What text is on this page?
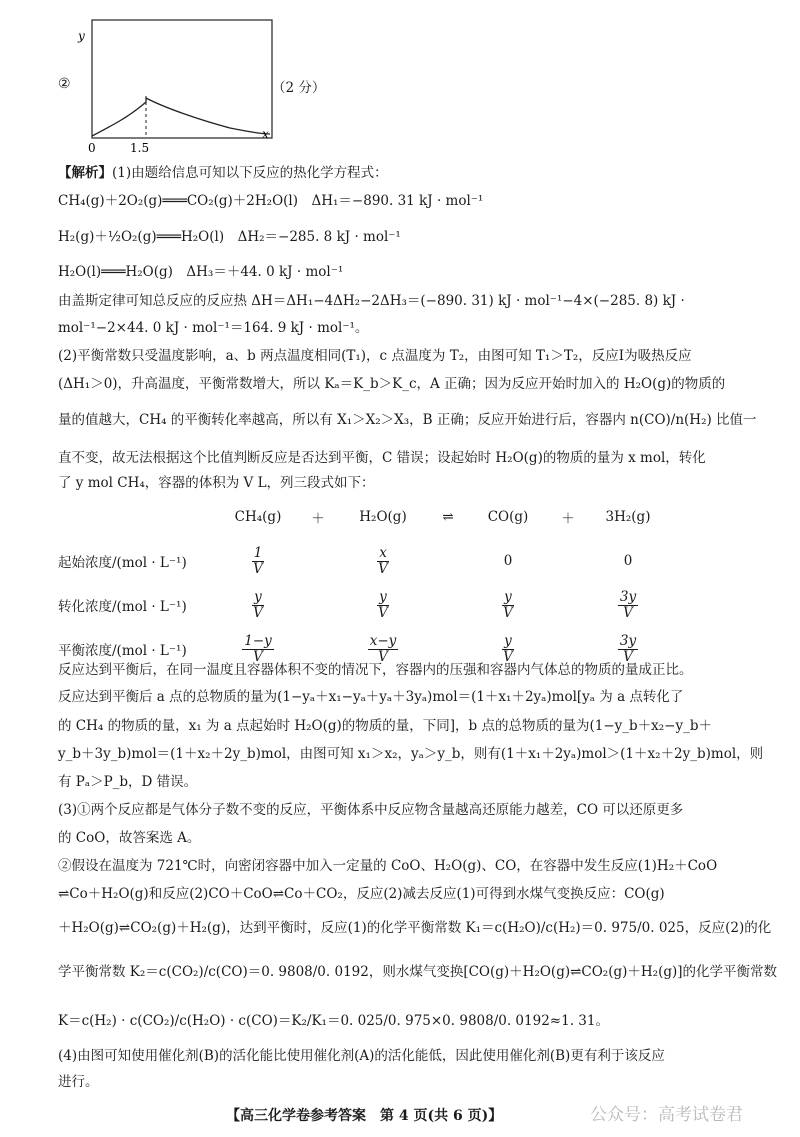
②
y
x
0	1.5
（2 分）
【解析】(1)由题给信息可知以下反应的热化学方程式：
CH₄(g)＋2O₂(g)═══CO₂(g)＋2H₂O(l)　ΔH₁＝−890. 31 kJ · mol⁻¹
H₂(g)＋½O₂(g)═══H₂O(l)　ΔH₂＝−285. 8 kJ · mol⁻¹
H₂O(l)═══H₂O(g)　ΔH₃＝＋44. 0 kJ · mol⁻¹
由盖斯定律可知总反应的反应热 ΔH＝ΔH₁−4ΔH₂−2ΔH₃＝(−890. 31) kJ · mol⁻¹−4×(−285. 8) kJ ·
mol⁻¹−2×44. 0 kJ · mol⁻¹＝164. 9 kJ · mol⁻¹。
(2)平衡常数只受温度影响，a、b 两点温度相同(T₁)，c 点温度为 T₂，由图可知 T₁＞T₂，反应Ⅰ为吸热反应
(ΔH₁＞0)，升高温度，平衡常数增大，所以 Kₐ＝K_b＞K_c，A 正确；因为反应开始时加入的 H₂O(g)的物质的
量的值越大，CH₄ 的平衡转化率越高，所以有 X₁＞X₂＞X₃，B 正确；反应开始进行后，容器内 n(CO)/n(H₂) 比值一
直不变，故无法根据这个比值判断反应是否达到平衡，C 错误；设起始时 H₂O(g)的物质的量为 x mol，转化
了 y mol CH₄，容器的体积为 V L，列三段式如下：
	CH₄(g)	＋	H₂O(g)	⇌	CO(g)	＋	3H₂(g)
起始浓度/(mol · L⁻¹)	$\frac{1}{V}$		$\frac{x}{V}$		0		0
转化浓度/(mol · L⁻¹)	$\frac{y}{V}$		$\frac{y}{V}$		$\frac{y}{V}$		$\frac{3y}{V}$

平衡浓度/(mol · L⁻¹)	$\frac{1-y}{V}$		$\frac{x-y}{V}$		$\frac{y}{V}$		$\frac{3y}{V}$
反应达到平衡后，在同一温度且容器体积不变的情况下，容器内的压强和容器内气体总的物质的量成正比。
反应达到平衡后 a 点的总物质的量为(1−yₐ＋x₁−yₐ＋yₐ＋3yₐ)mol＝(1＋x₁＋2yₐ)mol[yₐ 为 a 点转化了
的 CH₄ 的物质的量，x₁ 为 a 点起始时 H₂O(g)的物质的量，下同]，b 点的总物质的量为(1−y_b＋x₂−y_b＋
y_b＋3y_b)mol＝(1＋x₂＋2y_b)mol，由图可知 x₁＞x₂，yₐ＞y_b，则有(1＋x₁＋2yₐ)mol＞(1＋x₂＋2y_b)mol，则
有 Pₐ＞P_b，D 错误。
(3)①两个反应都是气体分子数不变的反应，平衡体系中反应物含量越高还原能力越差，CO 可以还原更多
的 CoO，故答案选 A。
②假设在温度为 721℃时，向密闭容器中加入一定量的 CoO、H₂O(g)、CO，在容器中发生反应(1)H₂＋CoO
⇌Co＋H₂O(g)和反应(2)CO＋CoO⇌Co＋CO₂，反应(2)减去反应(1)可得到水煤气变换反应：CO(g)
＋H₂O(g)⇌CO₂(g)＋H₂(g)，达到平衡时，反应(1)的化学平衡常数 K₁＝c(H₂O)/c(H₂)＝0. 975/0. 025，反应(2)的化
学平衡常数 K₂＝c(CO₂)/c(CO)＝0. 9808/0. 0192，则水煤气变换[CO(g)＋H₂O(g)⇌CO₂(g)＋H₂(g)]的化学平衡常数
K＝c(H₂) · c(CO₂)/c(H₂O) · c(CO)＝K₂/K₁＝0. 025/0. 975×0. 9808/0. 0192≈1. 31。
(4)由图可知使用催化剂(B)的活化能比使用催化剂(A)的活化能低，因此使用催化剂(B)更有利于该反应
进行。
【高三化学卷参考答案　第 4 页(共 6 页)】	公众号：高考试卷君
